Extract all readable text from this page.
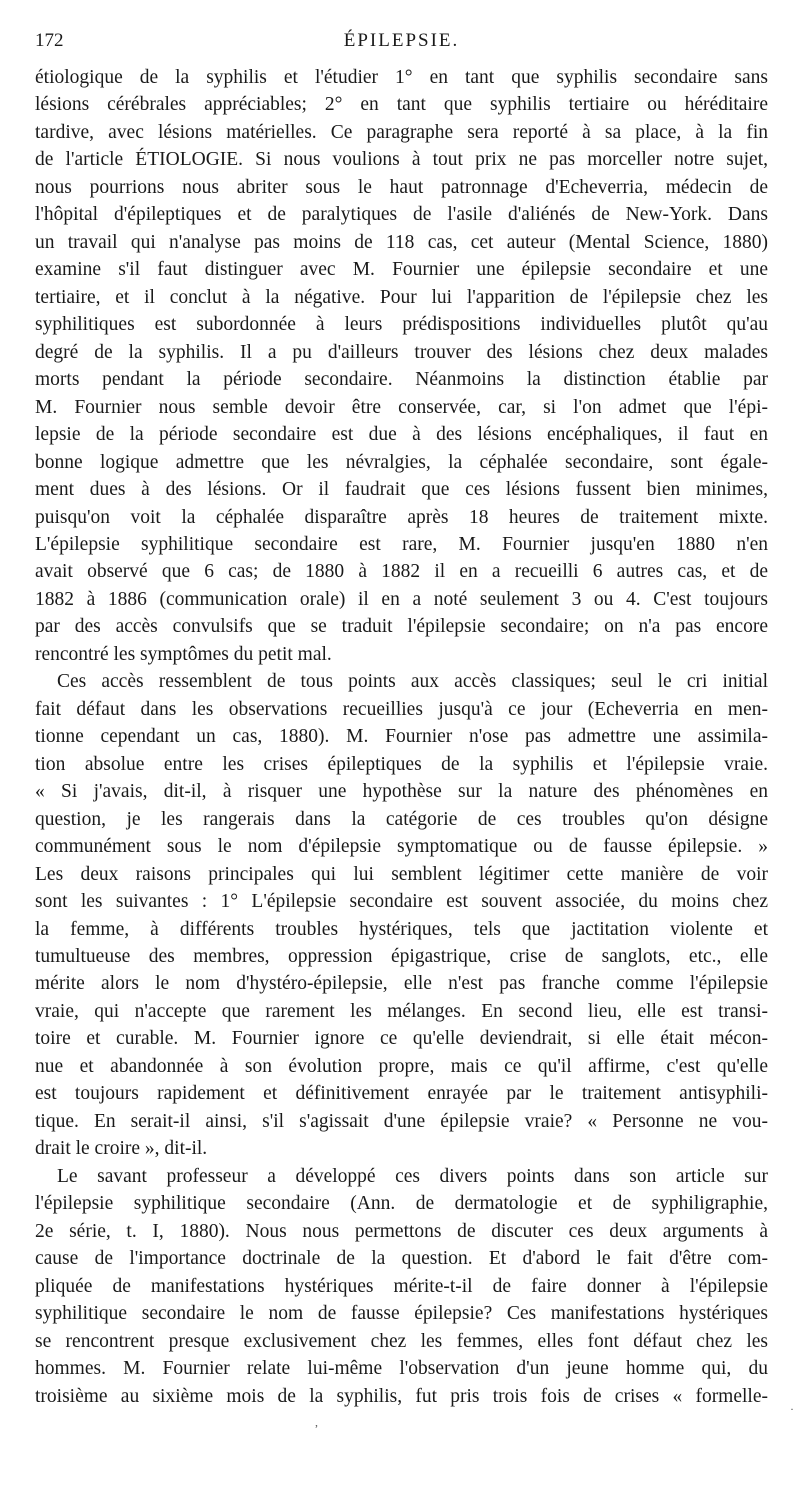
172	ÉPILEPSIE.
étiologique de la syphilis et l'étudier 1° en tant que syphilis secondaire sans
lésions cérébrales appréciables; 2° en tant que syphilis tertiaire ou héréditaire
tardive, avec lésions matérielles. Ce paragraphe sera reporté à sa place, à la fin
de l'article ÉTIOLOGIE. Si nous voulions à tout prix ne pas morceller notre sujet,
nous pourrions nous abriter sous le haut patronnage d'Echeverria, médecin de
l'hôpital d'épileptiques et de paralytiques de l'asile d'aliénés de New-York. Dans
un travail qui n'analyse pas moins de 118 cas, cet auteur (Mental Science, 1880)
examine s'il faut distinguer avec M. Fournier une épilepsie secondaire et une
tertiaire, et il conclut à la négative. Pour lui l'apparition de l'épilepsie chez les
syphilitiques est subordonnée à leurs prédispositions individuelles plutôt qu'au
degré de la syphilis. Il a pu d'ailleurs trouver des lésions chez deux malades
morts pendant la période secondaire. Néanmoins la distinction établie par
M. Fournier nous semble devoir être conservée, car, si l'on admet que l'épi-
lepsie de la période secondaire est due à des lésions encéphaliques, il faut en
bonne logique admettre que les névralgies, la céphalée secondaire, sont égale-
ment dues à des lésions. Or il faudrait que ces lésions fussent bien minimes,
puisqu'on voit la céphalée disparaître après 18 heures de traitement mixte.
L'épilepsie syphilitique secondaire est rare, M. Fournier jusqu'en 1880 n'en
avait observé que 6 cas; de 1880 à 1882 il en a recueilli 6 autres cas, et de
1882 à 1886 (communication orale) il en a noté seulement 3 ou 4. C'est toujours
par des accès convulsifs que se traduit l'épilepsie secondaire; on n'a pas encore
rencontré les symptômes du petit mal.
Ces accès ressemblent de tous points aux accès classiques; seul le cri initial
fait défaut dans les observations recueillies jusqu'à ce jour (Echeverria en men-
tionne cependant un cas, 1880). M. Fournier n'ose pas admettre une assimila-
tion absolue entre les crises épileptiques de la syphilis et l'épilepsie vraie.
« Si j'avais, dit-il, à risquer une hypothèse sur la nature des phénomènes en
question, je les rangerais dans la catégorie de ces troubles qu'on désigne
communément sous le nom d'épilepsie symptomatique ou de fausse épilepsie. »
Les deux raisons principales qui lui semblent légitimer cette manière de voir
sont les suivantes : 1° L'épilepsie secondaire est souvent associée, du moins chez
la femme, à différents troubles hystériques, tels que jactitation violente et
tumultueuse des membres, oppression épigastrique, crise de sanglots, etc., elle
mérite alors le nom d'hystéro-épilepsie, elle n'est pas franche comme l'épilepsie
vraie, qui n'accepte que rarement les mélanges. En second lieu, elle est transi-
toire et curable. M. Fournier ignore ce qu'elle deviendrait, si elle était mécon-
nue et abandonnée à son évolution propre, mais ce qu'il affirme, c'est qu'elle
est toujours rapidement et définitivement enrayée par le traitement antisyphili-
tique. En serait-il ainsi, s'il s'agissait d'une épilepsie vraie? « Personne ne vou-
drait le croire », dit-il.
Le savant professeur a développé ces divers points dans son article sur
l'épilepsie syphilitique secondaire (Ann. de dermatologie et de syphiligraphie,
2e série, t. I, 1880). Nous nous permettons de discuter ces deux arguments à
cause de l'importance doctrinale de la question. Et d'abord le fait d'être com-
pliquée de manifestations hystériques mérite-t-il de faire donner à l'épilepsie
syphilitique secondaire le nom de fausse épilepsie? Ces manifestations hystériques
se rencontrent presque exclusivement chez les femmes, elles font défaut chez les
hommes. M. Fournier relate lui-même l'observation d'un jeune homme qui, du
troisième au sixième mois de la syphilis, fut pris trois fois de crises « formelle-
·
,
